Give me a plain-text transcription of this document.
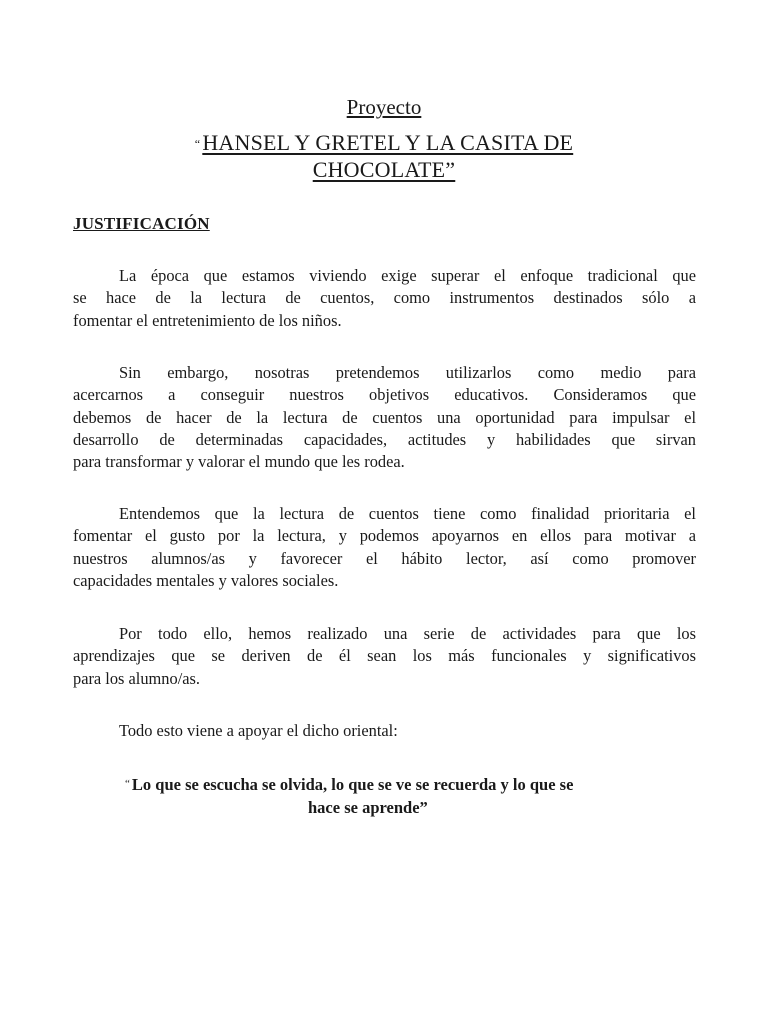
Proyecto
“HANSEL Y GRETEL Y LA CASITA DE
CHOCOLATE”
JUSTIFICACIÓN
La época que estamos viviendo exige superar el enfoque tradicional que
se hace de la lectura de cuentos, como instrumentos destinados sólo a
fomentar el entretenimiento de los niños.
Sin embargo, nosotras pretendemos utilizarlos como medio para
acercarnos a conseguir nuestros objetivos educativos. Consideramos que
debemos de hacer de la lectura de cuentos una oportunidad para impulsar el
desarrollo de determinadas capacidades, actitudes y habilidades que sirvan
para transformar y valorar el mundo que les rodea.
Entendemos que la lectura de cuentos tiene como finalidad prioritaria el
fomentar el gusto por la lectura, y podemos apoyarnos en ellos para motivar a
nuestros alumnos/as y favorecer el hábito lector, así como promover
capacidades mentales y valores sociales.
Por todo ello, hemos realizado una serie de actividades para que los
aprendizajes que se deriven de él sean los más funcionales y significativos
para los alumno/as.
Todo esto viene a apoyar el dicho oriental:
“ Lo que se escucha se olvida, lo que se ve se recuerda y lo que se
hace se aprende”
